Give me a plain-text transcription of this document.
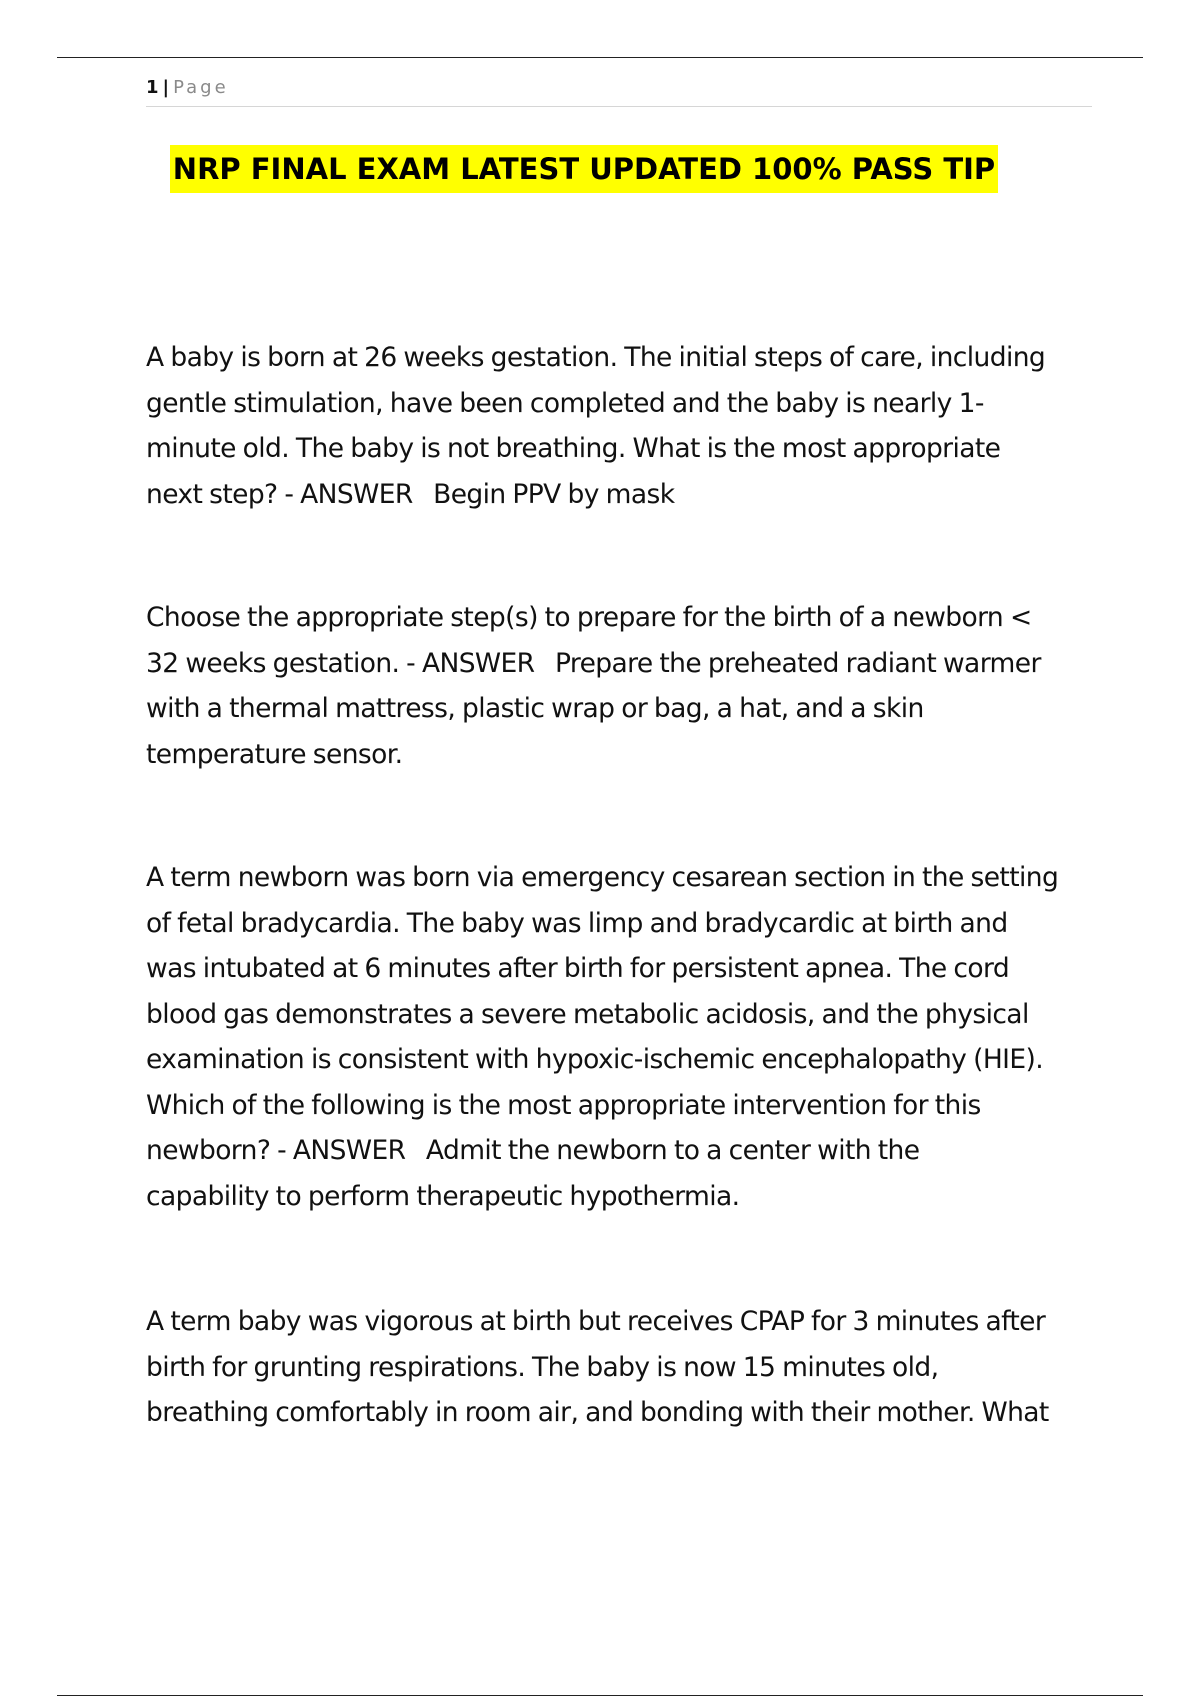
1 | Page
NRP FINAL EXAM LATEST UPDATED 100% PASS TIP

A baby is born at 26 weeks gestation. The initial steps of care, including
gentle stimulation, have been completed and the baby is nearly 1-
minute old. The baby is not breathing. What is the most appropriate
next step? - ANSWER   Begin PPV by mask

Choose the appropriate step(s) to prepare for the birth of a newborn <
32 weeks gestation. - ANSWER   Prepare the preheated radiant warmer
with a thermal mattress, plastic wrap or bag, a hat, and a skin
temperature sensor.

A term newborn was born via emergency cesarean section in the setting
of fetal bradycardia. The baby was limp and bradycardic at birth and
was intubated at 6 minutes after birth for persistent apnea. The cord
blood gas demonstrates a severe metabolic acidosis, and the physical
examination is consistent with hypoxic-ischemic encephalopathy (HIE).
Which of the following is the most appropriate intervention for this
newborn? - ANSWER   Admit the newborn to a center with the
capability to perform therapeutic hypothermia.

A term baby was vigorous at birth but receives CPAP for 3 minutes after
birth for grunting respirations. The baby is now 15 minutes old,
breathing comfortably in room air, and bonding with their mother. What
